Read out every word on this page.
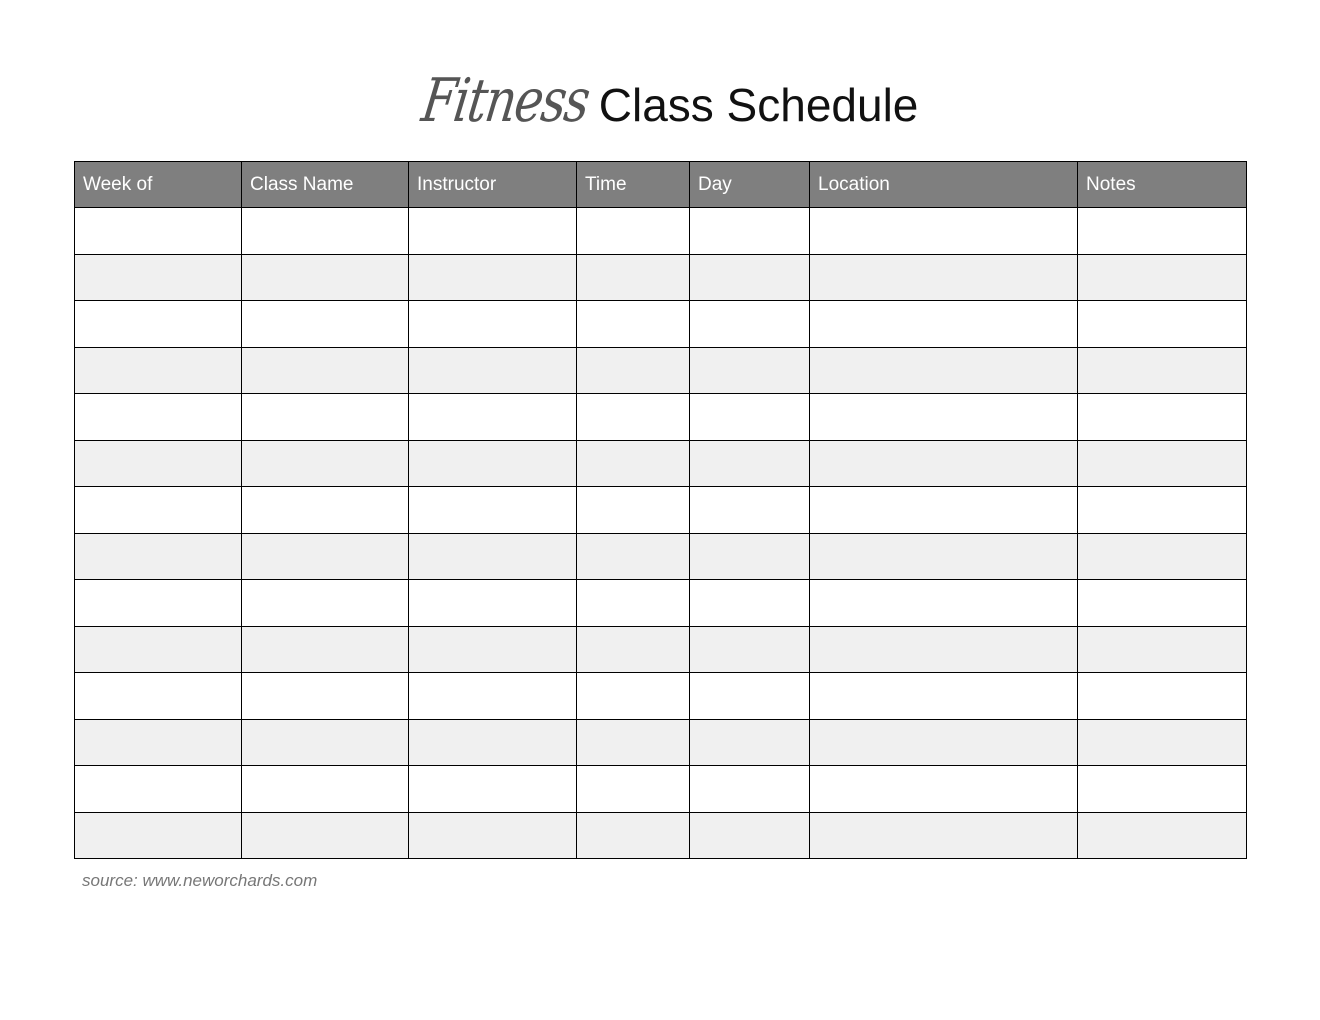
Fitness Class Schedule
Week of	Class Name	Instructor	Time	Day	Location	Notes

source: www.neworchards.com
